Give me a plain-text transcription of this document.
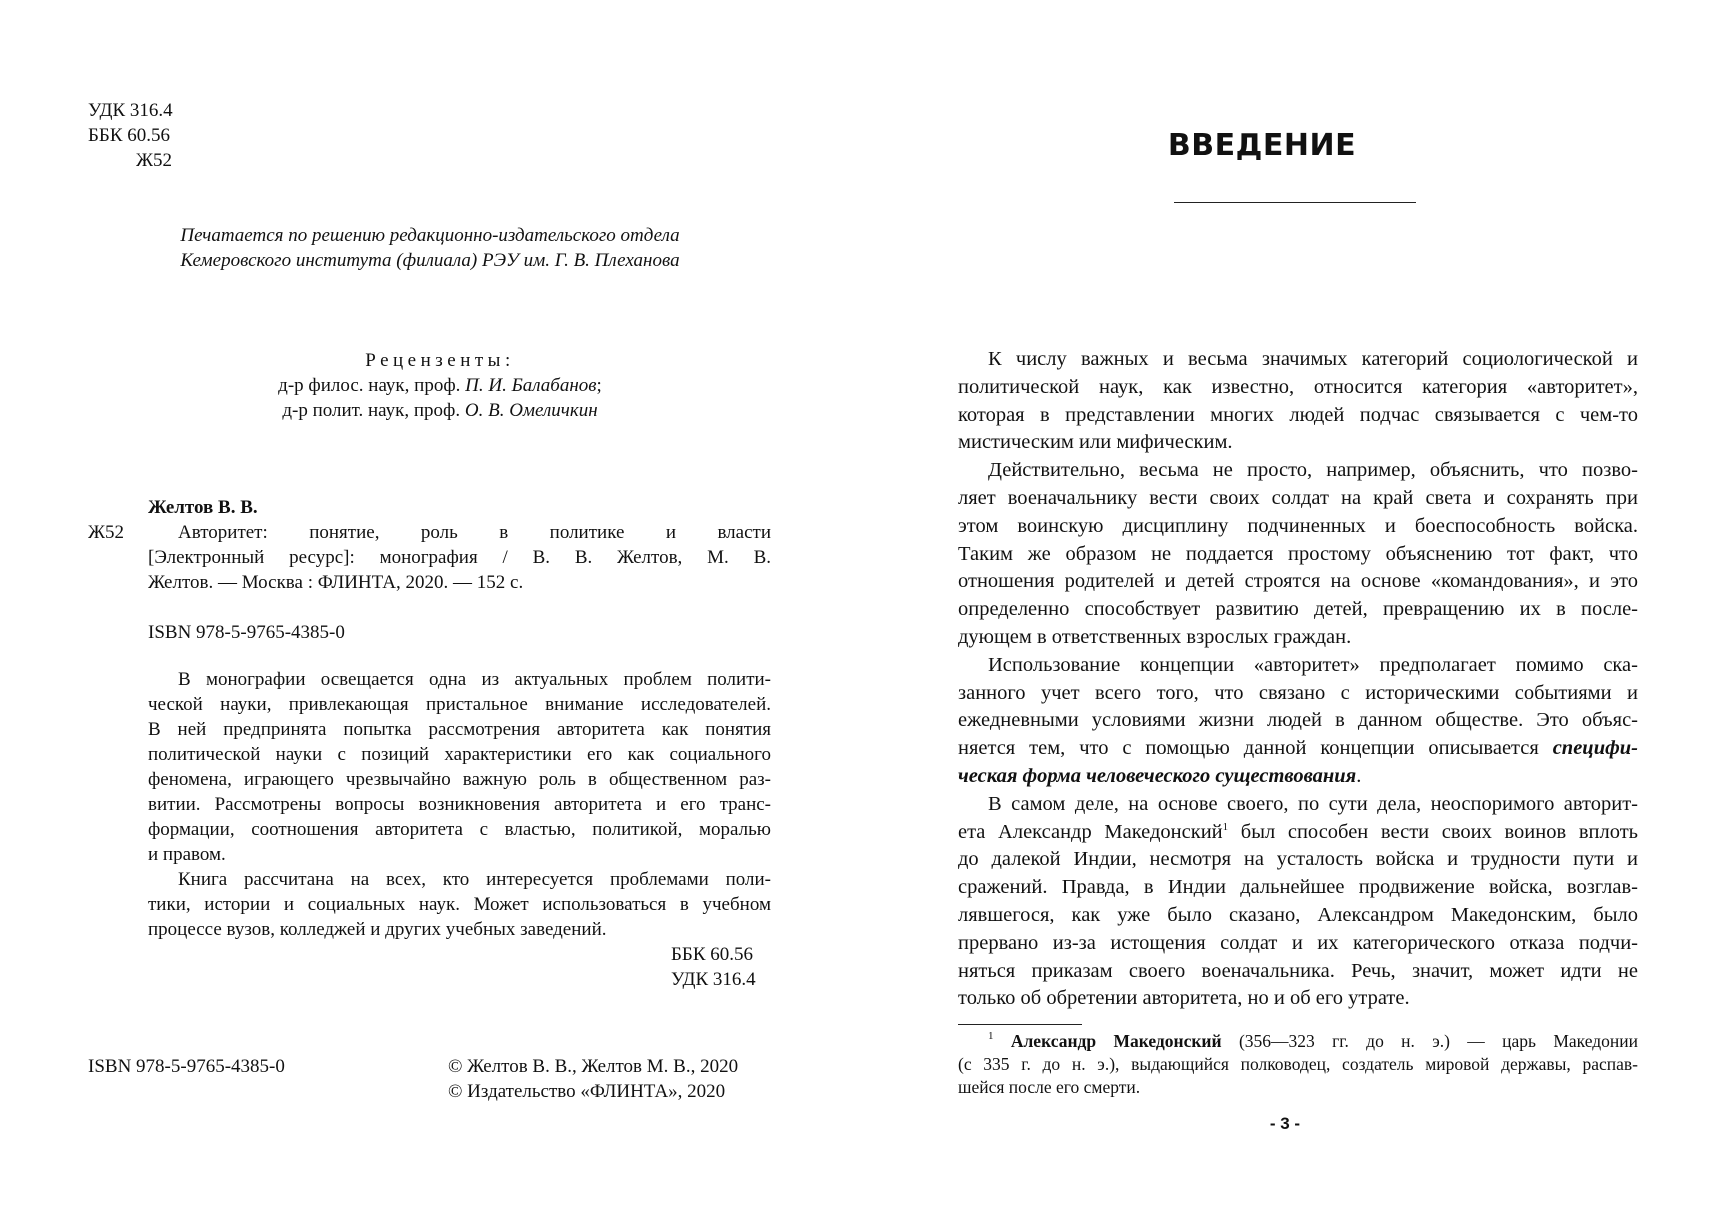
УДК 316.4
ББК 60.56
Ж52
Печатается по решению редакционно-издательского отдела
Кемеровского института (филиала) РЭУ им. Г. В. Плеханова
Рецензенты:
д-р филос. наук, проф. П. И. Балабанов;
д-р полит. наук, проф. О. В. Омеличкин
Желтов В. В.
Авторитет: понятие, роль в политике и власти
[Электронный ресурс]: монография / В. В. Желтов, М. В.
Желтов. — Москва : ФЛИНТА, 2020. — 152 с.
ISBN 978-5-9765-4385-0
Ж52
В монографии освещается одна из актуальных проблем полити-
ческой науки, привлекающая пристальное внимание исследователей.
В ней предпринята попытка рассмотрения авторитета как понятия
политической науки с позиций характеристики его как социального
феномена, играющего чрезвычайно важную роль в общественном раз-
витии. Рассмотрены вопросы возникновения авторитета и его транс-
формации, соотношения авторитета с властью, политикой, моралью
и правом.
Книга рассчитана на всех, кто интересуется проблемами поли-
тики, истории и социальных наук. Может использоваться в учебном
процессе вузов, колледжей и других учебных заведений.
ББК 60.56
УДК 316.4
ISBN 978-5-9765-4385-0	© Желтов В. В., Желтов М. В., 2020
© Издательство «ФЛИНТА», 2020
ВВЕДЕНИЕ
К числу важных и весьма значимых категорий социологической и
политической наук, как известно, относится категория «авторитет»,
которая в представлении многих людей подчас связывается с чем-то
мистическим или мифическим.
Действительно, весьма не просто, например, объяснить, что позво-
ляет военачальнику вести своих солдат на край света и сохранять при
этом воинскую дисциплину подчиненных и боеспособность войска.
Таким же образом не поддается простому объяснению тот факт, что
отношения родителей и детей строятся на основе «командования», и это
определенно способствует развитию детей, превращению их в после-
дующем в ответственных взрослых граждан.
Использование концепции «авторитет» предполагает помимо ска-
занного учет всего того, что связано с историческими событиями и
ежедневными условиями жизни людей в данном обществе. Это объяс-
няется тем, что с помощью данной концепции описывается специфи-
ческая форма человеческого существования.
В самом деле, на основе своего, по сути дела, неоспоримого авторит-
ета Александр Македонский$^1$ был способен вести своих воинов вплоть
до далекой Индии, несмотря на усталость войска и трудности пути и
сражений. Правда, в Индии дальнейшее продвижение войска, возглав-
лявшегося, как уже было сказано, Александром Македонским, было
прервано из-за истощения солдат и их категорического отказа подчи-
няться приказам своего военачальника. Речь, значит, может идти не
только об обретении авторитета, но и об его утрате.
$^1$ Александр Македонский (356—323 гг. до н. э.) — царь Македонии
(с 335 г. до н. э.), выдающийся полководец, создатель мировой державы, распав-
шейся после его смерти.
- 3 -
